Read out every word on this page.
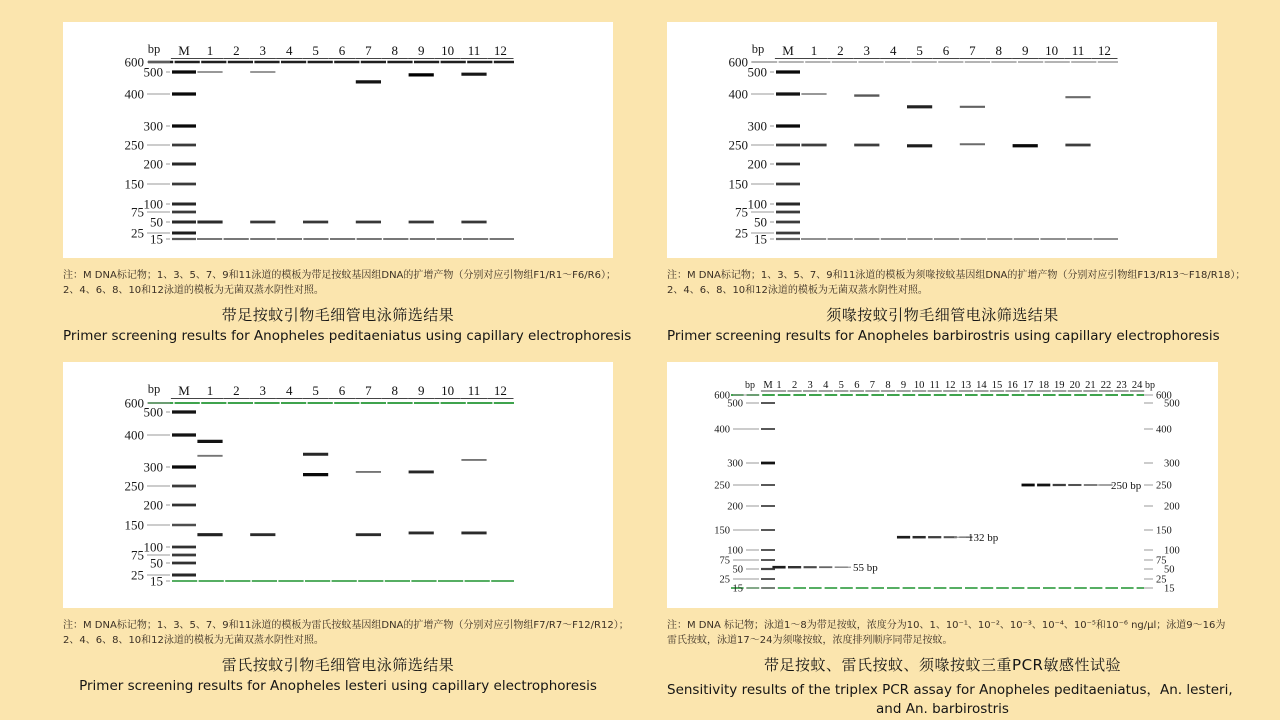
600
500
400
300
250
200
150
100
75
50
25 15
bp M 1 2 3 4 5 6 7 8 9 10 11 12
注：M DNA标记物；1、3、5、7、9和11泳道的模板为带足按蚊基因组DNA的扩增产物（分别对应引物组F1/R1～F6/R6）；
2、4、6、8、10和12泳道的模板为无菌双蒸水阴性对照。
带足按蚊引物毛细管电泳筛选结果
Primer screening results for Anopheles peditaeniatus using capillary electrophoresis
600
500
400
300
250
200
150
100
75
50
25 15
bp M 1 2 3 4 5 6 7 8 9 10 11 12
注：M DNA标记物；1、3、5、7、9和11泳道的模板为须喙按蚊基因组DNA的扩增产物（分别对应引物组F13/R13～F18/R18）；
2、4、6、8、10和12泳道的模板为无菌双蒸水阴性对照。
须喙按蚊引物毛细管电泳筛选结果
Primer screening results for Anopheles barbirostris using capillary electrophoresis
600
500
400
300
250
200
150
100
75
50
25 15
bp M 1 2 3 4 5 6 7 8 9 10 11 12
注：M DNA标记物；1、3、5、7、9和11泳道的模板为雷氏按蚊基因组DNA的扩增产物（分别对应引物组F7/R7～F12/R12）；
2、4、6、8、10和12泳道的模板为无菌双蒸水阴性对照。
雷氏按蚊引物毛细管电泳筛选结果
Primer screening results for Anopheles lesteri using capillary electrophoresis
600	600
500	500
400	400
300	300
250	250
200	200
150	150
100	100
75	75
50	50
25	25
15	15
bp	bp
M 1 2 3 4 5 6 7 8 9 10 11 12 13 14 15 16 17 18 19 20 21 22 23 24
55 bp
132 bp
250 bp
注：M DNA 标记物；泳道1～8为带足按蚊，浓度分为10、1、10⁻¹、10⁻²、10⁻³、10⁻⁴、10⁻⁵和10⁻⁶ ng/μl；泳道9～16为
雷氏按蚊，泳道17～24为须喙按蚊，浓度排列顺序同带足按蚊。
带足按蚊、雷氏按蚊、须喙按蚊三重PCR敏感性试验
Sensitivity results of the triplex PCR assay for Anopheles peditaeniatus，An. lesteri,
and An. barbirostris
